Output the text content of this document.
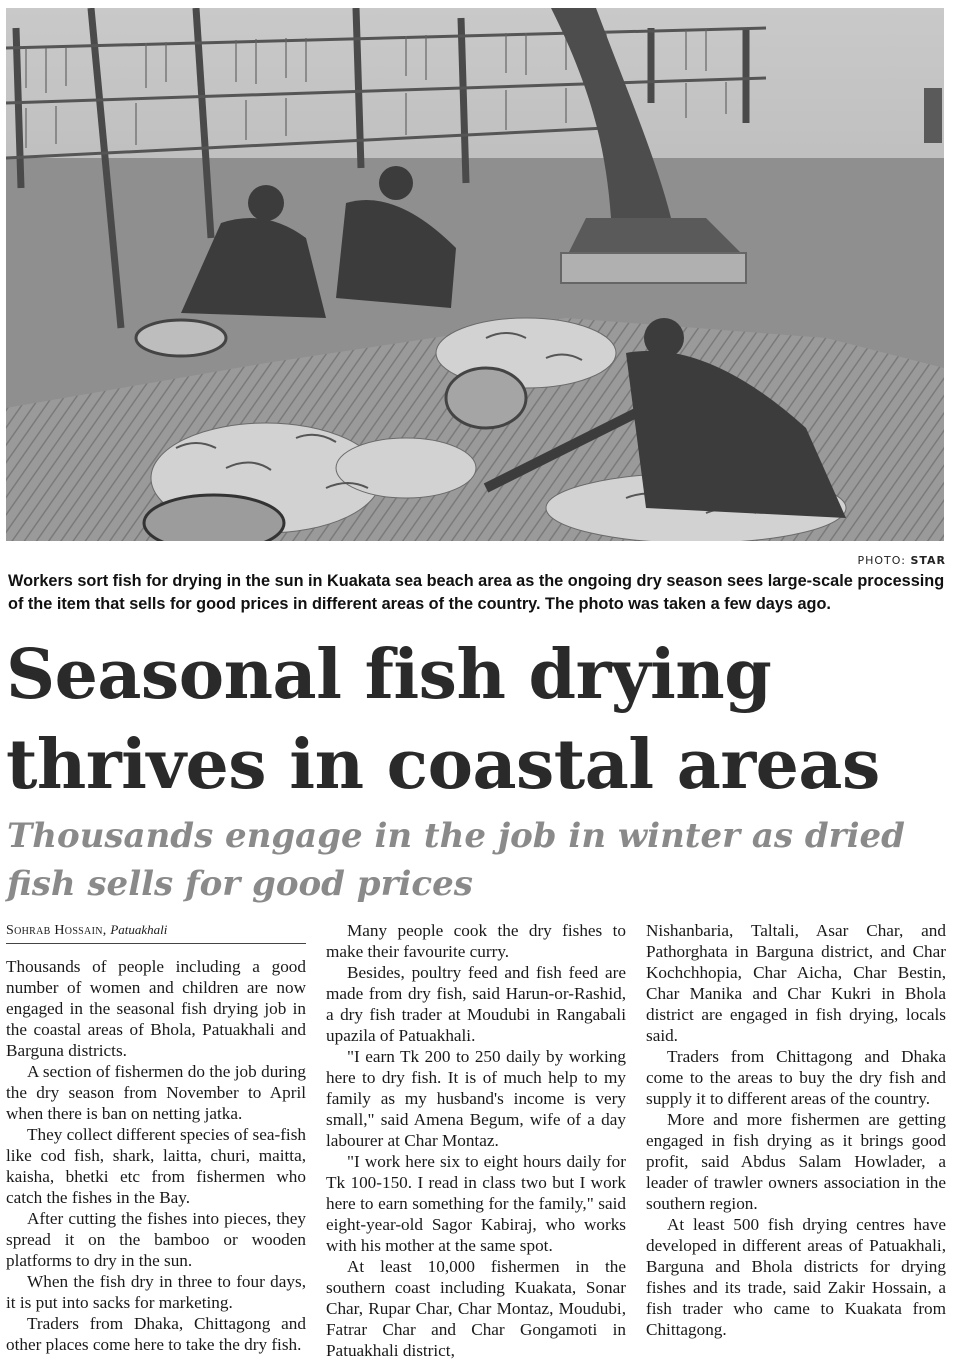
PHOTO: STAR

Workers sort fish for drying in the sun in Kuakata sea beach area as the ongoing dry season sees large-scale processing of the item that sells for good prices in different areas of the country. The photo was taken a few days ago.

Seasonal fish drying thrives in coastal areas
Thousands engage in the job in winter as dried fish sells for good prices
Sohrab Hossain, Patuakhali

Thousands of people including a good number of women and children are now engaged in the seasonal fish drying job in the coastal areas of Bhola, Patuakhali and Barguna districts.

A section of fishermen do the job during the dry season from November to April when there is ban on netting jatka.

They collect different species of sea-fish like cod fish, shark, laitta, churi, maitta, kaisha, bhetki etc from fishermen who catch the fishes in the Bay.

After cutting the fishes into pieces, they spread it on the bamboo or wooden platforms to dry in the sun.

When the fish dry in three to four days, it is put into sacks for marketing.

Traders from Dhaka, Chittagong and other places come here to take the dry fish.

Many people cook the dry fishes to make their favourite curry.

Besides, poultry feed and fish feed are made from dry fish, said Harun-or-Rashid, a dry fish trader at Moudubi in Rangabali upazila of Patuakhali.

"I earn Tk 200 to 250 daily by working here to dry fish. It is of much help to my family as my husband's income is very small," said Amena Begum, wife of a day labourer at Char Montaz.

"I work here six to eight hours daily for Tk 100-150. I read in class two but I work here to earn something for the family," said eight-year-old Sagor Kabiraj, who works with his mother at the same spot.

At least 10,000 fishermen in the southern coast including Kuakata, Sonar Char, Rupar Char, Char Montaz, Moudubi, Fatrar Char and Char Gongamoti in Patuakhali district,

Nishanbaria, Taltali, Asar Char, and Pathorghata in Barguna district, and Char Kochchhopia, Char Aicha, Char Bestin, Char Manika and Char Kukri in Bhola district are engaged in fish drying, locals said.

Traders from Chittagong and Dhaka come to the areas to buy the dry fish and supply it to different areas of the country.

More and more fishermen are getting engaged in fish drying as it brings good profit, said Abdus Salam Howlader, a leader of trawler owners association in the southern region.

At least 500 fish drying centres have developed in different areas of Patuakhali, Barguna and Bhola districts for drying fishes and its trade, said Zakir Hossain, a fish trader who came to Kuakata from Chittagong.
